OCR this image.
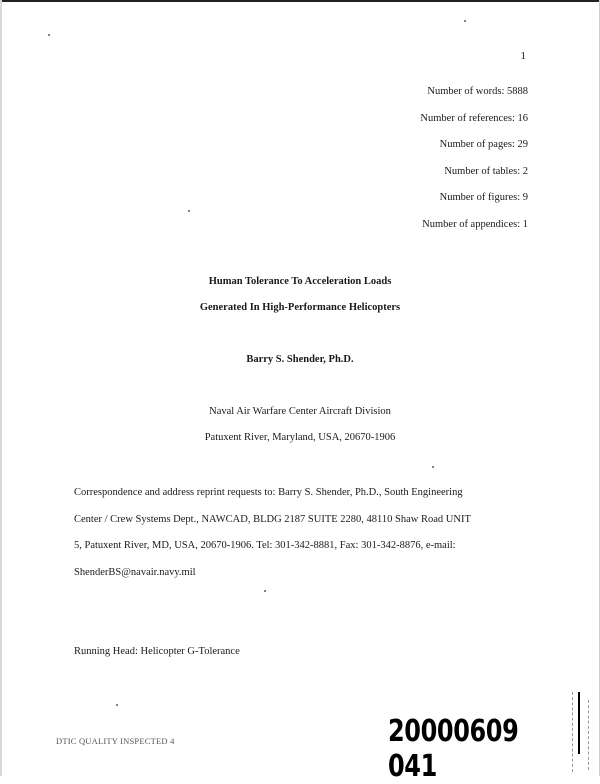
1
Number of words: 5888
Number of references: 16
Number of pages: 29
Number of tables: 2
Number of figures: 9
Number of appendices: 1
Human Tolerance To Acceleration Loads
Generated In High-Performance Helicopters
Barry S. Shender, Ph.D.
Naval Air Warfare Center Aircraft Division
Patuxent River, Maryland, USA, 20670-1906
Correspondence and address reprint requests to: Barry S. Shender, Ph.D., South Engineering
Center / Crew Systems Dept., NAWCAD, BLDG 2187 SUITE 2280, 48110 Shaw Road UNIT
5, Patuxent River, MD, USA, 20670-1906. Tel: 301-342-8881, Fax: 301-342-8876, e-mail:
ShenderBS@navair.navy.mil
Running Head: Helicopter G-Tolerance
DTIC QUALITY INSPECTED 4	20000609 041
